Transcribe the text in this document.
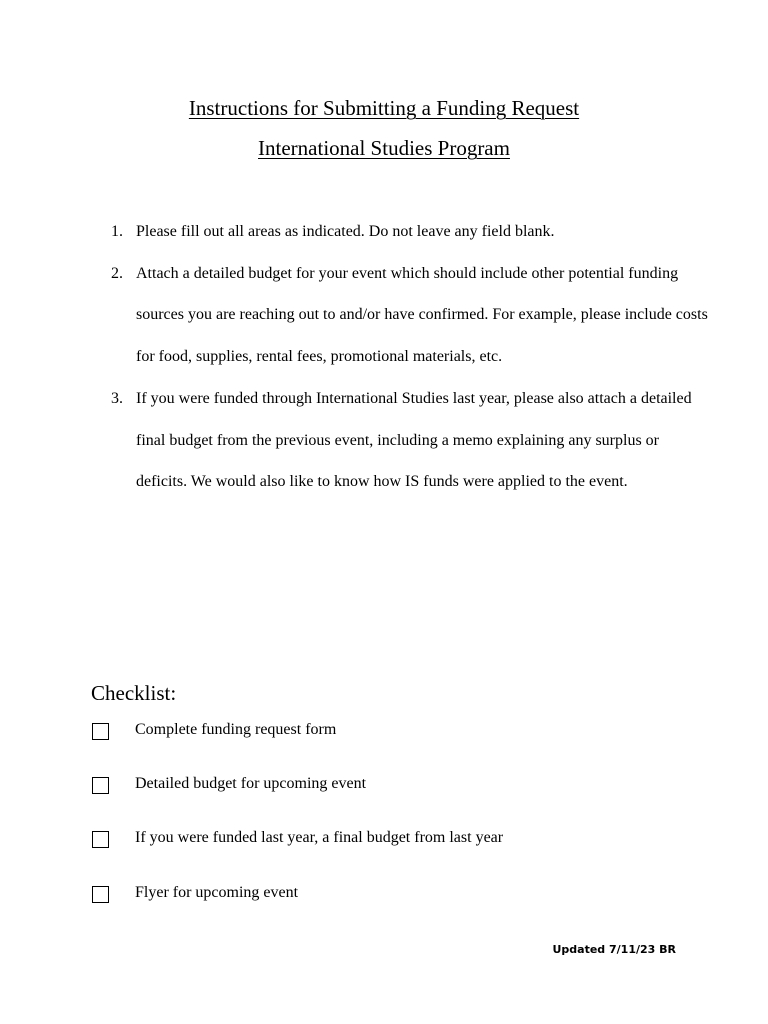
Instructions for Submitting a Funding Request
International Studies Program
1. Please fill out all areas as indicated. Do not leave any field blank.
2. Attach a detailed budget for your event which should include other potential funding sources you are reaching out to and/or have confirmed. For example, please include costs for food, supplies, rental fees, promotional materials, etc.
3. If you were funded through International Studies last year, please also attach a detailed final budget from the previous event, including a memo explaining any surplus or deficits. We would also like to know how IS funds were applied to the event.
Checklist:
Complete funding request form
Detailed budget for upcoming event
If you were funded last year, a final budget from last year
Flyer for upcoming event

Updated 7/11/23 BR
